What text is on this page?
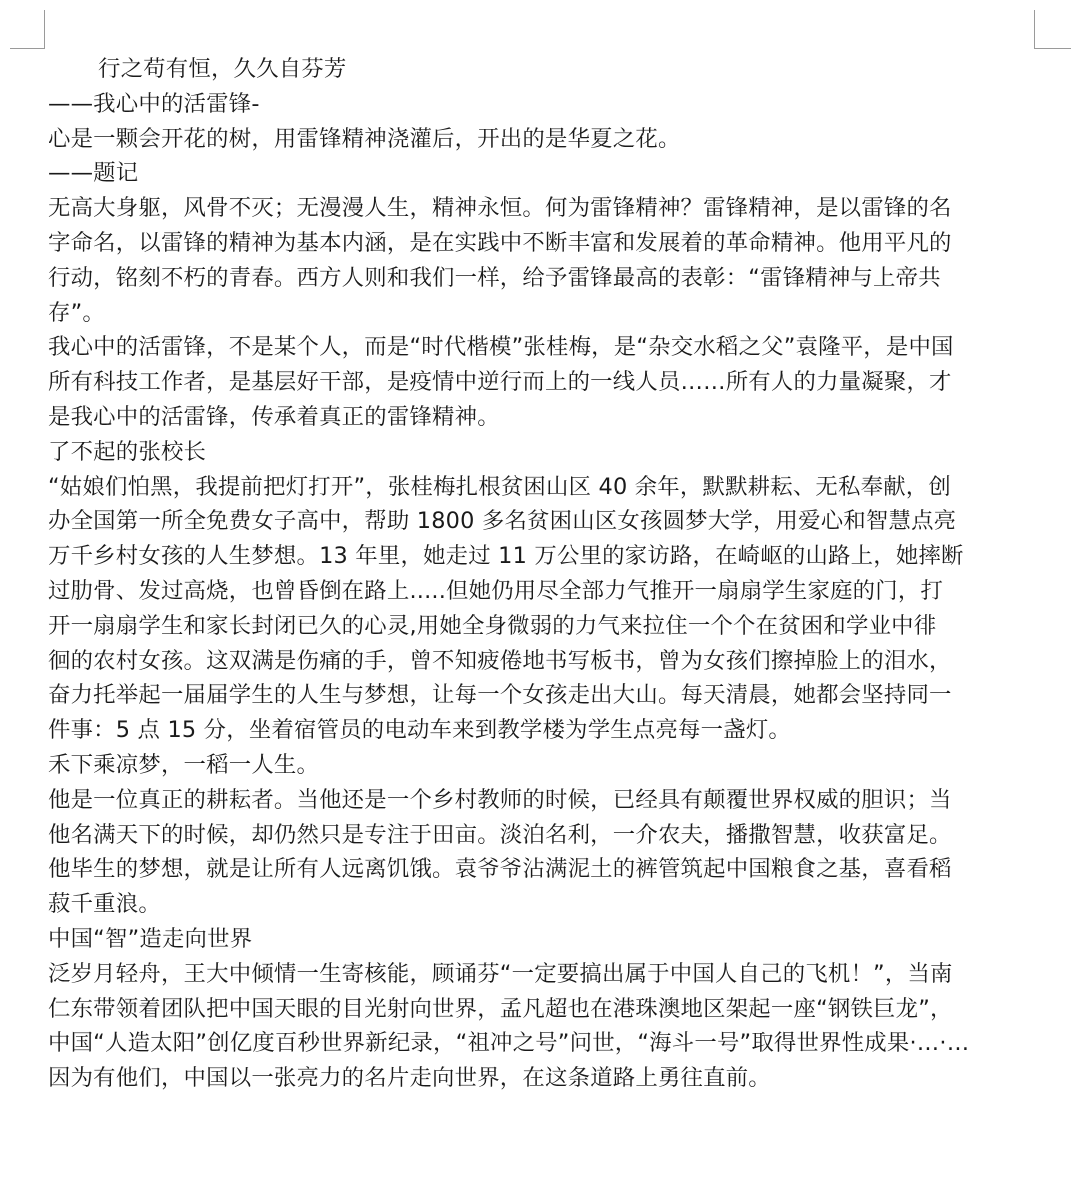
行之苟有恒，久久自芬芳
——我心中的活雷锋-
心是一颗会开花的树，用雷锋精神浇灌后，开出的是华夏之花。
——题记
无高大身躯，风骨不灭；无漫漫人生，精神永恒。何为雷锋精神？雷锋精神，是以雷锋的名
字命名，以雷锋的精神为基本内涵，是在实践中不断丰富和发展着的革命精神。他用平凡的
行动，铭刻不朽的青春。西方人则和我们一样，给予雷锋最高的表彰：“雷锋精神与上帝共
存”。
我心中的活雷锋，不是某个人，而是“时代楷模”张桂梅，是“杂交水稻之父”袁隆平，是中国
所有科技工作者，是基层好干部，是疫情中逆行而上的一线人员……所有人的力量凝聚，才
是我心中的活雷锋，传承着真正的雷锋精神。
了不起的张校长
“姑娘们怕黑，我提前把灯打开”，张桂梅扎根贫困山区 40 余年，默默耕耘、无私奉献，创
办全国第一所全免费女子高中，帮助 1800 多名贫困山区女孩圆梦大学，用爱心和智慧点亮
万千乡村女孩的人生梦想。13 年里，她走过 11 万公里的家访路，在崎岖的山路上，她摔断
过肋骨、发过高烧，也曾昏倒在路上.....但她仍用尽全部力气推开一扇扇学生家庭的门，打
开一扇扇学生和家长封闭已久的心灵,用她全身微弱的力气来拉住一个个在贫困和学业中徘
徊的农村女孩。这双满是伤痛的手，曾不知疲倦地书写板书，曾为女孩们擦掉脸上的泪水，
奋力托举起一届届学生的人生与梦想，让每一个女孩走出大山。每天清晨，她都会坚持同一
件事：5 点 15 分，坐着宿管员的电动车来到教学楼为学生点亮每一盏灯。
禾下乘凉梦，一稻一人生。
他是一位真正的耕耘者。当他还是一个乡村教师的时候，已经具有颠覆世界权威的胆识；当
他名满天下的时候，却仍然只是专注于田亩。淡泊名利，一介农夫，播撒智慧，收获富足。
他毕生的梦想，就是让所有人远离饥饿。袁爷爷沾满泥土的裤管筑起中国粮食之基，喜看稻
菽千重浪。
中国“智”造走向世界
泛岁月轻舟，王大中倾情一生寄核能，顾诵芬“一定要搞出属于中国人自己的飞机！”，当南
仁东带领着团队把中国天眼的目光射向世界，孟凡超也在港珠澳地区架起一座“钢铁巨龙”，
中国“人造太阳”创亿度百秒世界新纪录，“祖冲之号”问世，“海斗一号”取得世界性成果·…·…
因为有他们，中国以一张亮力的名片走向世界，在这条道路上勇往直前。
